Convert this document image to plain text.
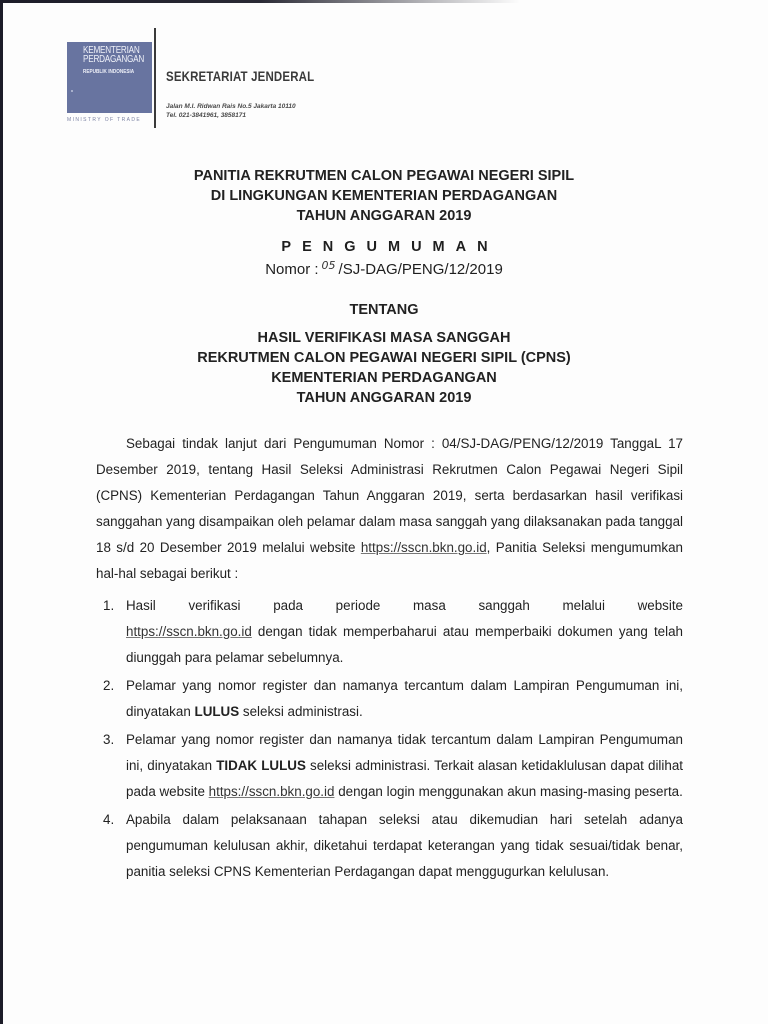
KEMENTERIAN
PERDAGANGAN
REPUBLIK INDONESIA
MINISTRY OF TRADE
SEKRETARIAT JENDERAL
Jalan M.I. Ridwan Rais No.5 Jakarta 10110
Tel. 021-3841961, 3858171
PANITIA REKRUTMEN CALON PEGAWAI NEGERI SIPIL
DI LINGKUNGAN KEMENTERIAN PERDAGANGAN
TAHUN ANGGARAN 2019
PENGUMUMAN
Nomor : $^{05}$ /SJ-DAG/PENG/12/2019
TENTANG
HASIL VERIFIKASI MASA SANGGAH
REKRUTMEN CALON PEGAWAI NEGERI SIPIL (CPNS)
KEMENTERIAN PERDAGANGAN
TAHUN ANGGARAN 2019

Sebagai tindak lanjut dari Pengumuman Nomor : 04/SJ-DAG/PENG/12/2019 TanggaL 17 Desember 2019, tentang Hasil Seleksi Administrasi Rekrutmen Calon Pegawai Negeri Sipil (CPNS) Kementerian Perdagangan Tahun Anggaran 2019, serta berdasarkan hasil verifikasi sanggahan yang disampaikan oleh pelamar dalam masa sanggah yang dilaksanakan pada tanggal 18 s/d 20 Desember 2019 melalui website https://sscn.bkn.go.id, Panitia Seleksi mengumumkan hal-hal sebagai berikut :

1. Hasil verifikasi pada periode masa sanggah melalui website https://sscn.bkn.go.id dengan tidak memperbaharui atau memperbaiki dokumen yang telah diunggah para pelamar sebelumnya.
2. Pelamar yang nomor register dan namanya tercantum dalam Lampiran Pengumuman ini, dinyatakan LULUS seleksi administrasi.
3. Pelamar yang nomor register dan namanya tidak tercantum dalam Lampiran Pengumuman ini, dinyatakan TIDAK LULUS seleksi administrasi. Terkait alasan ketidaklulusan dapat dilihat pada website https://sscn.bkn.go.id dengan login menggunakan akun masing-masing peserta.
4. Apabila dalam pelaksanaan tahapan seleksi atau dikemudian hari setelah adanya pengumuman kelulusan akhir, diketahui terdapat keterangan yang tidak sesuai/tidak benar, panitia seleksi CPNS Kementerian Perdagangan dapat menggugurkan kelulusan.
